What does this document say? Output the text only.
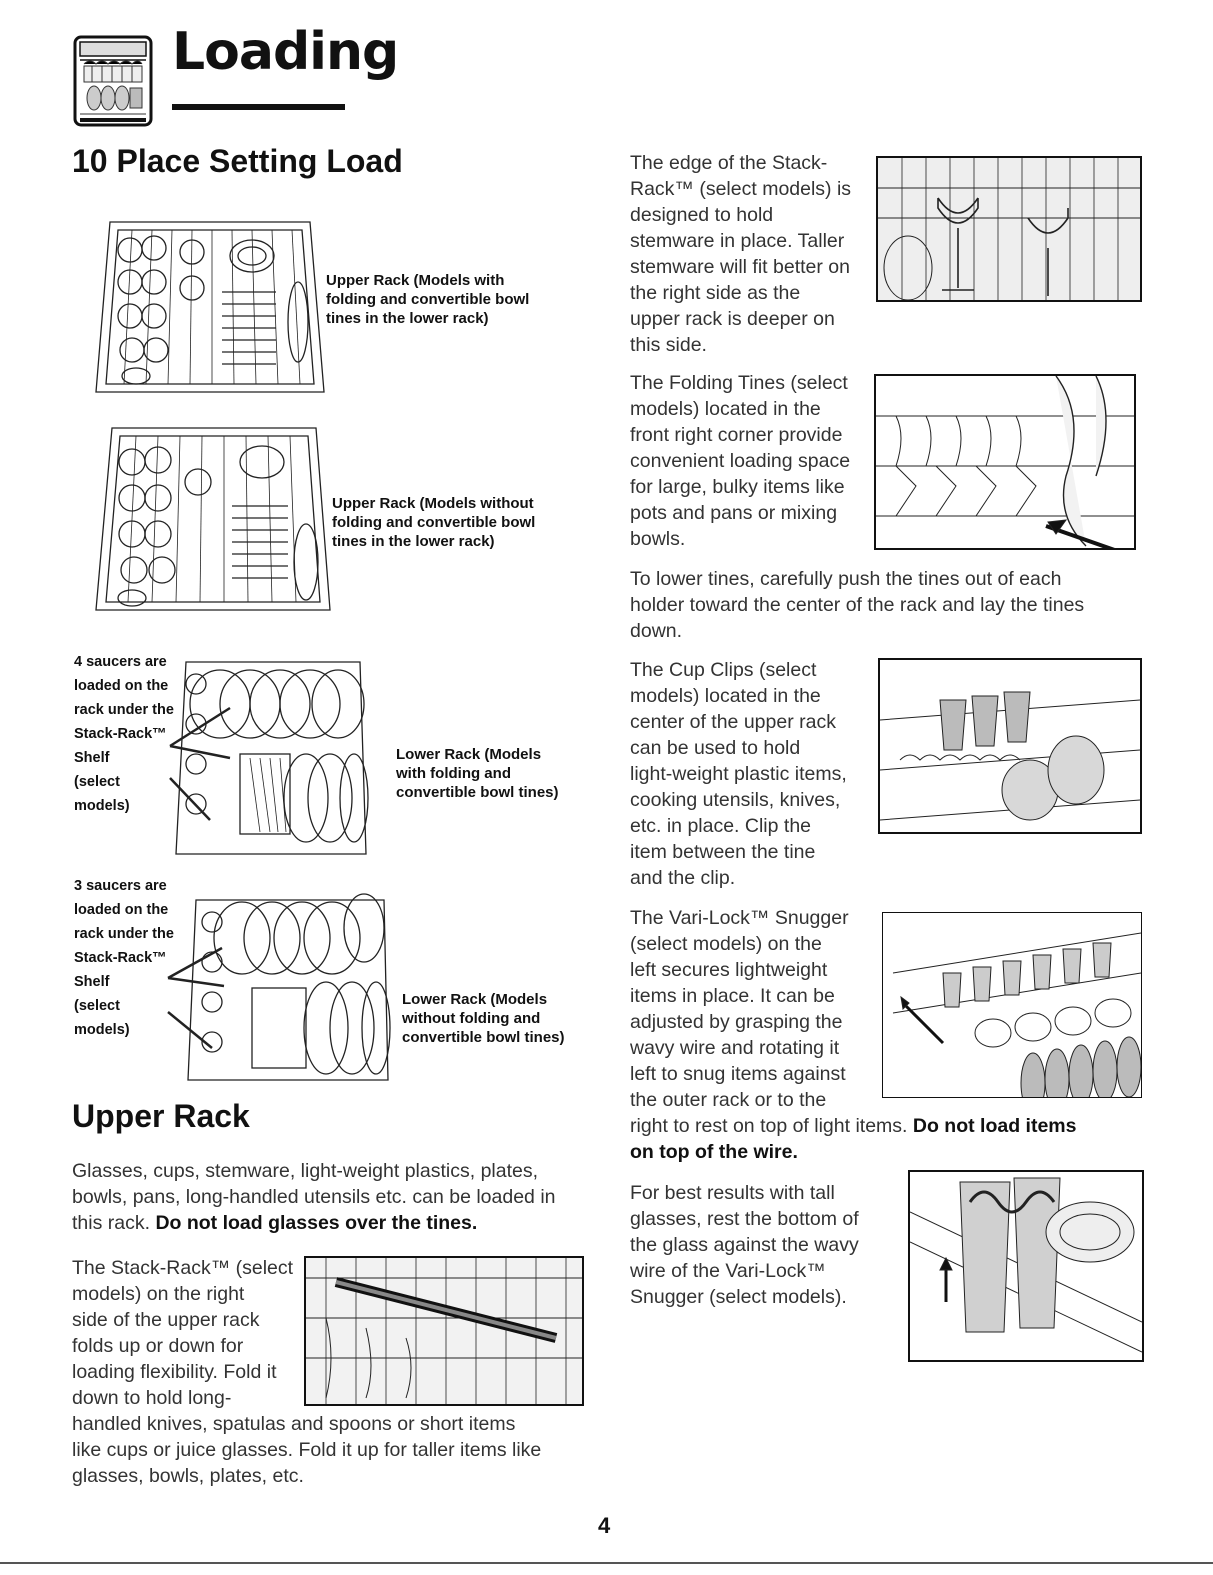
Loading
10 Place Setting Load
Upper Rack (Models with folding and convertible bowl tines in the lower rack)
Upper Rack (Models without folding and convertible bowl tines in the lower rack)
4 saucers are
loaded on the
rack under the
Stack-Rack™
Shelf
(select
models)
Lower Rack (Models with folding and convertible bowl tines)
3 saucers are
loaded on the
rack under the
Stack-Rack™
Shelf
(select
models)
Lower Rack (Models without folding and convertible bowl tines)
Upper Rack
Glasses, cups, stemware, light-weight plastics, plates, bowls, pans, long-handled utensils etc. can be loaded in this rack. Do not load glasses over the tines.
The Stack-Rack™ (select
models) on the right
side of the upper rack
folds up or down for
loading flexibility. Fold it
down to hold long-
handled knives, spatulas and spoons or short items
like cups or juice glasses. Fold it up for taller items like
glasses, bowls, plates, etc.
The edge of the Stack-
Rack™ (select models) is
designed to hold
stemware in place. Taller
stemware will fit better on
the right side as the
upper rack is deeper on
this side.
The Folding Tines (select
models) located in the
front right corner provide
convenient loading space
for large, bulky items like
pots and pans or mixing
bowls.
To lower tines, carefully push the tines out of each
holder toward the center of the rack and lay the tines
down.
The Cup Clips (select
models) located in the
center of the upper rack
can be used to hold
light-weight plastic items,
cooking utensils, knives,
etc. in place. Clip the
item between the tine
and the clip.
The Vari-Lock™ Snugger
(select models) on the
left secures lightweight
items in place. It can be
adjusted by grasping the
wavy wire and rotating it
left to snug items against
the outer rack or to the
right to rest on top of light items. Do not load items
on top of the wire.
For best results with tall
glasses, rest the bottom of
the glass against the wavy
wire of the Vari-Lock™
Snugger (select models).
4
